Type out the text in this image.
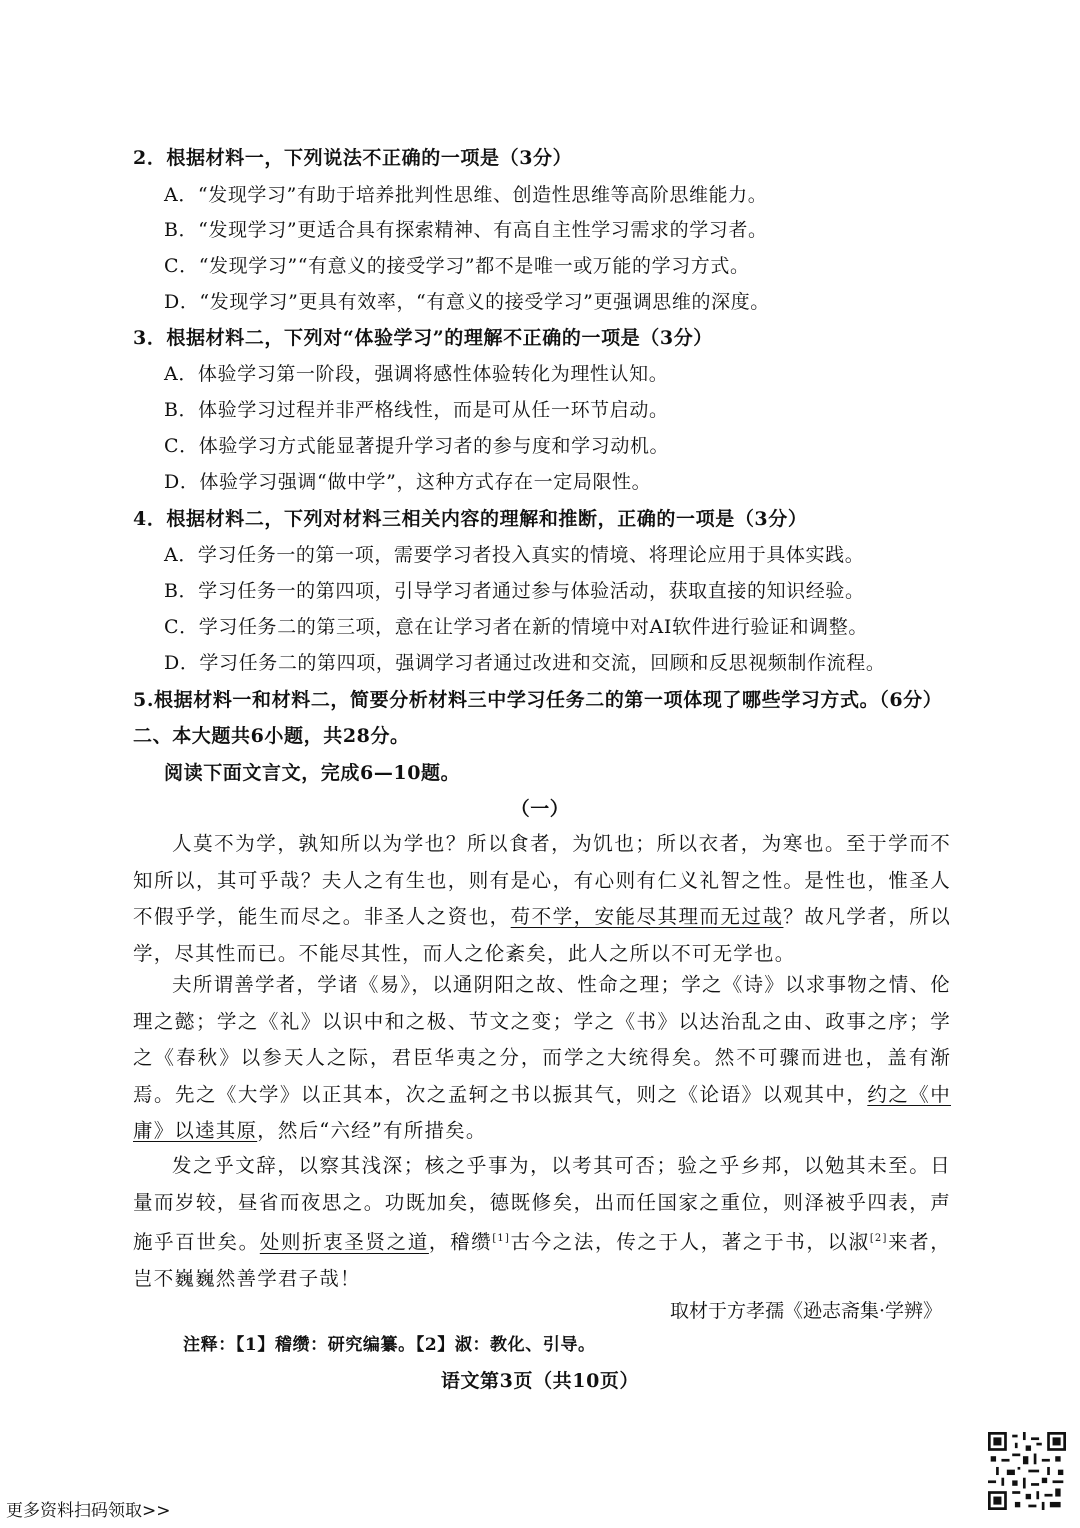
2．根据材料一，下列说法不正确的一项是（3分）
A．“发现学习”有助于培养批判性思维、创造性思维等高阶思维能力。
B．“发现学习”更适合具有探索精神、有高自主性学习需求的学习者。
C．“发现学习”“有意义的接受学习”都不是唯一或万能的学习方式。
D．“发现学习”更具有效率，“有意义的接受学习”更强调思维的深度。
3．根据材料二，下列对“体验学习”的理解不正确的一项是（3分）
A．体验学习第一阶段，强调将感性体验转化为理性认知。
B．体验学习过程并非严格线性，而是可从任一环节启动。
C．体验学习方式能显著提升学习者的参与度和学习动机。
D．体验学习强调“做中学”，这种方式存在一定局限性。
4．根据材料二，下列对材料三相关内容的理解和推断，正确的一项是（3分）
A．学习任务一的第一项，需要学习者投入真实的情境、将理论应用于具体实践。
B．学习任务一的第四项，引导学习者通过参与体验活动，获取直接的知识经验。
C．学习任务二的第三项，意在让学习者在新的情境中对AI软件进行验证和调整。
D．学习任务二的第四项，强调学习者通过改进和交流，回顾和反思视频制作流程。
5.根据材料一和材料二，简要分析材料三中学习任务二的第一项体现了哪些学习方式。（6分）
二、本大题共6小题，共28分。
阅读下面文言文，完成6—10题。
（一）

人莫不为学，孰知所以为学也？所以食者，为饥也；所以衣者，为寒也。至于学而不知所以，其可乎哉？夫人之有生也，则有是心，有心则有仁义礼智之性。是性也，惟圣人不假乎学，能生而尽之。非圣人之资也，苟不学，安能尽其理而无过哉？故凡学者，所以学，尽其性而已。不能尽其性，而人之伦紊矣，此人之所以不可无学也。

夫所谓善学者，学诸《易》，以通阴阳之故、性命之理；学之《诗》以求事物之情、伦理之懿；学之《礼》以识中和之极、节文之变；学之《书》以达治乱之由、政事之序；学之《春秋》以参天人之际，君臣华夷之分，而学之大统得矣。然不可骤而进也，盖有渐焉。先之《大学》以正其本，次之孟轲之书以振其气，则之《论语》以观其中，约之《中庸》以逵其原，然后“六经”有所措矣。

发之乎文辞，以察其浅深；核之乎事为，以考其可否；验之乎乡邦，以勉其未至。日量而岁较，昼省而夜思之。功既加矣，德既修矣，出而任国家之重位，则泽被乎四表，声施乎百世矣。处则折衷圣贤之道，稽缵[1]古今之法，传之于人，著之于书，以淑[2]来者，岂不巍巍然善学君子哉！

取材于方孝孺《逊志斋集·学辨》
注释：【1】稽缵：研究编纂。【2】淑：教化、引导。
语文第3页（共10页）
更多资料扫码领取>>
